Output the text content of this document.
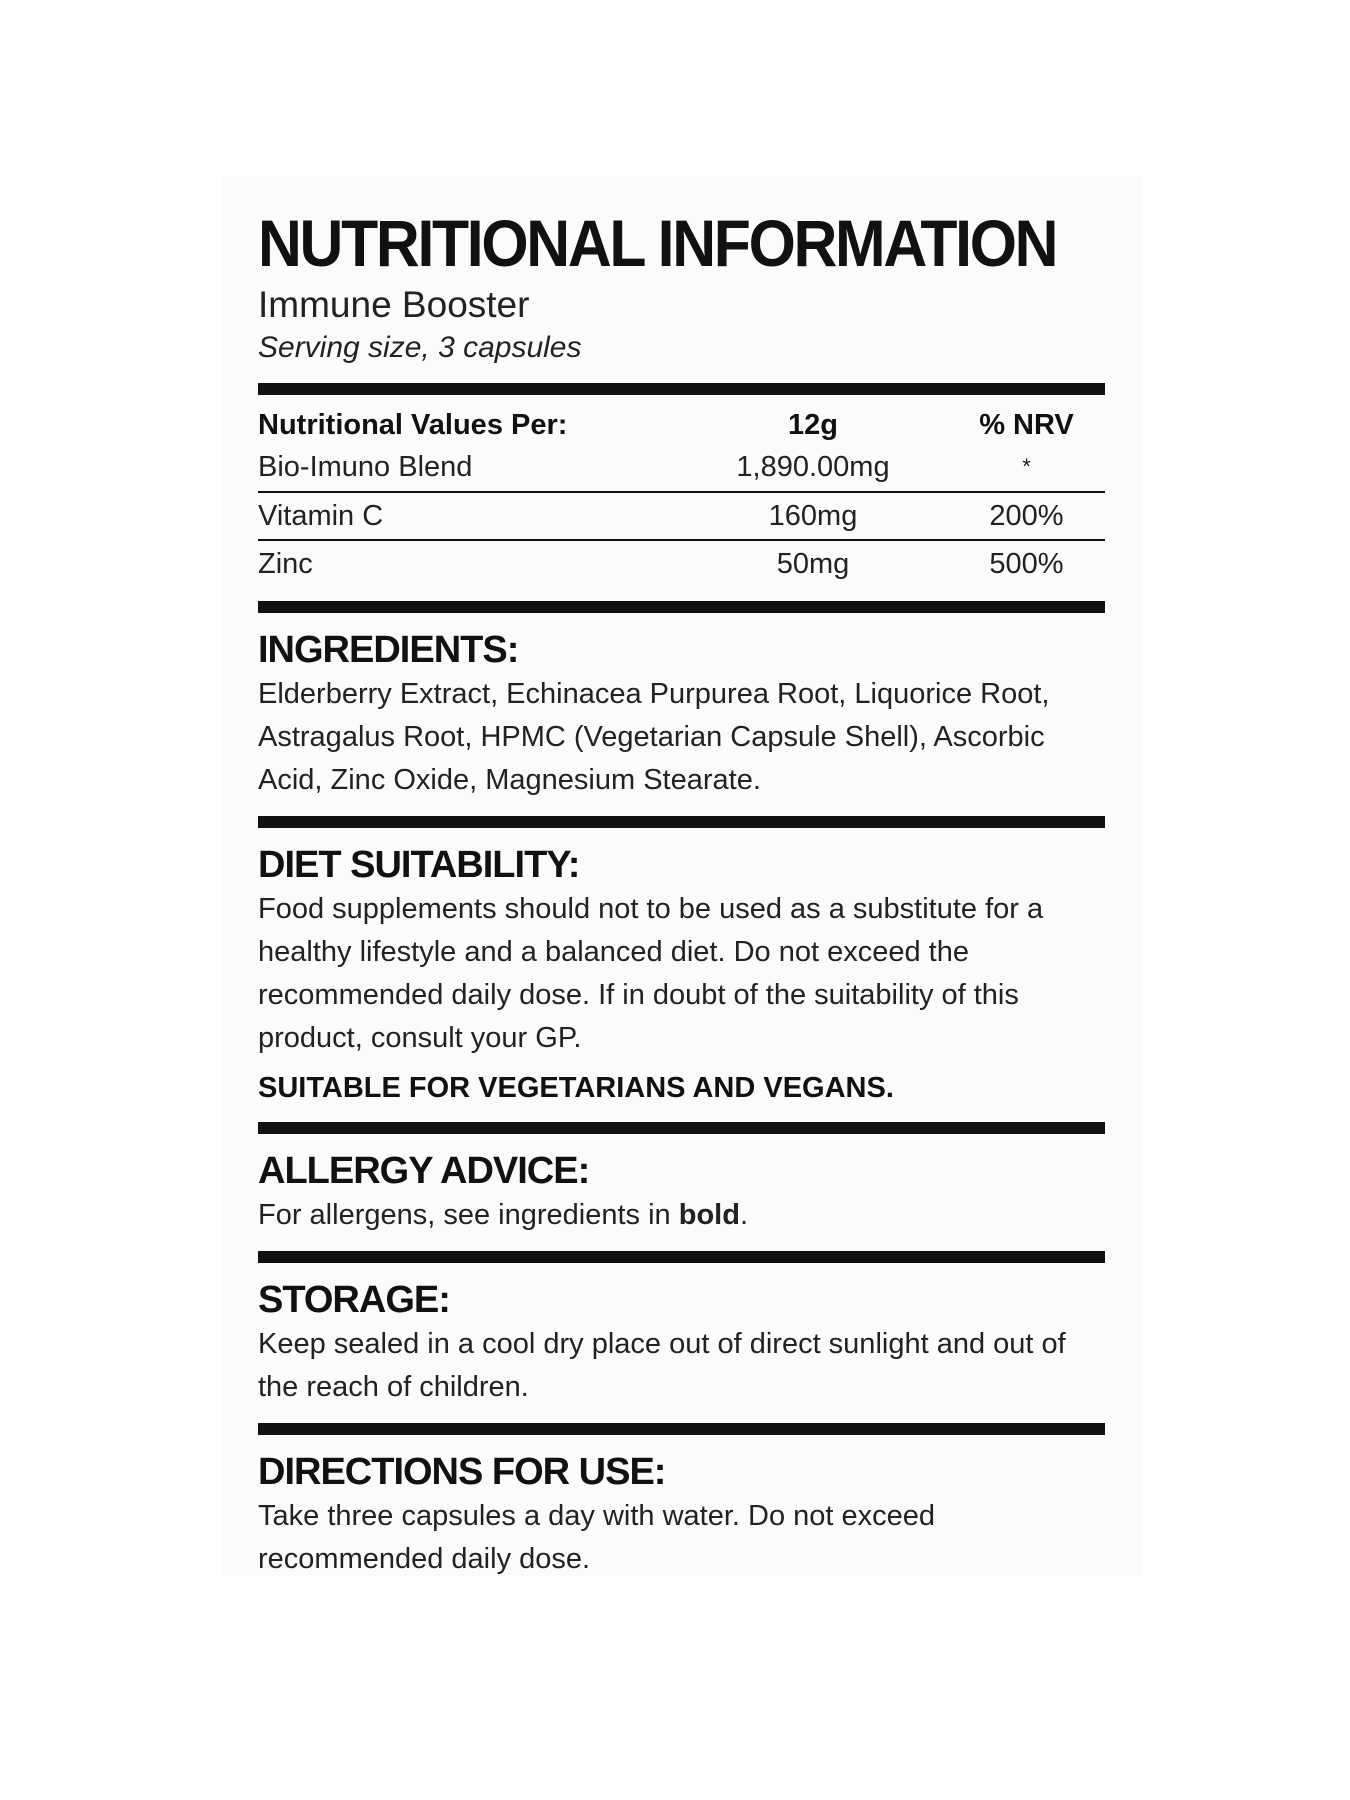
NUTRITIONAL INFORMATION
Immune Booster
Serving size, 3 capsules
Nutritional Values Per:	12g	% NRV
Bio-Imuno Blend	1,890.00mg	*
Vitamin C	160mg	200%
Zinc	50mg	500%
INGREDIENTS:
Elderberry Extract, Echinacea Purpurea Root, Liquorice Root, Astragalus Root, HPMC (Vegetarian Capsule Shell), Ascorbic Acid, Zinc Oxide, Magnesium Stearate.
DIET SUITABILITY:
Food supplements should not to be used as a substitute for a healthy lifestyle and a balanced diet. Do not exceed the recommended daily dose. If in doubt of the suitability of this product, consult your GP.
SUITABLE FOR VEGETARIANS AND VEGANS.
ALLERGY ADVICE:
For allergens, see ingredients in bold.
STORAGE:
Keep sealed in a cool dry place out of direct sunlight and out of the reach of children.
DIRECTIONS FOR USE:
Take three capsules a day with water. Do not exceed recommended daily dose.
